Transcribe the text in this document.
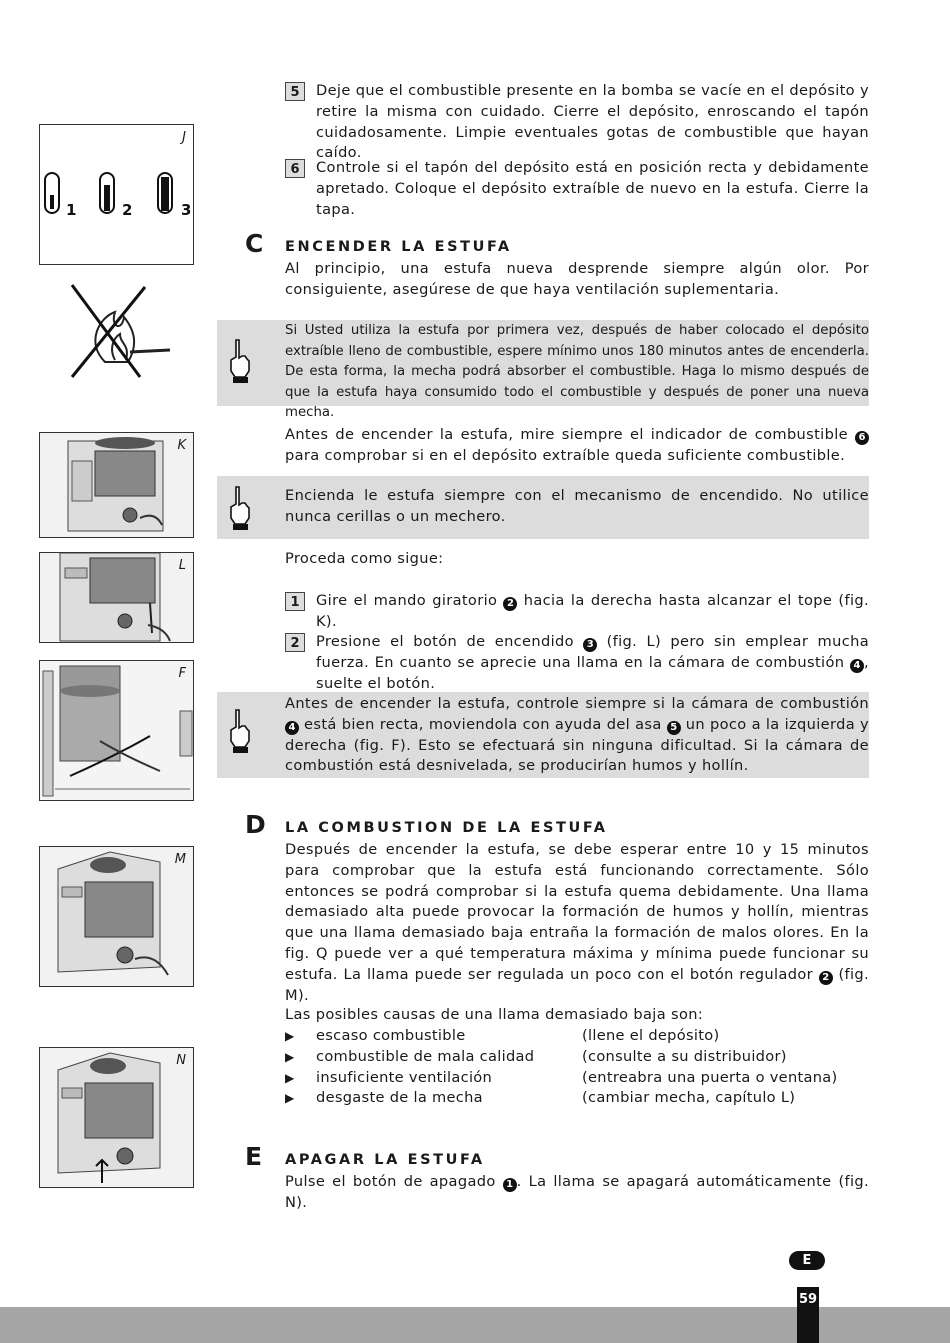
J
1	2	3
K
L
F
M
N
5	Deje que el combustible presente en la bomba se vacíe en el depósito y retire la misma con cuidado. Cierre el depósito, enroscando el tapón cuidadosamente. Limpie eventuales gotas de combustible que hayan caído.

6	Controle si el tapón del depósito está en posición recta y debidamente apretado. Coloque el depósito extraíble de nuevo en la estufa. Cierre la tapa.

C ENCENDER LA ESTUFA

Al principio, una estufa nueva desprende siempre algún olor. Por consiguiente, asegúrese de que haya ventilación suplementaria.

Si Usted utiliza la estufa por primera vez, después de haber colocado el depósito extraíble lleno de combustible, espere mínimo unos 180 minutos antes de encenderla. De esta forma, la mecha podrá absorber el combustible. Haga lo mismo después de que la estufa haya consumido todo el combustible y después de poner una nueva mecha.

Antes de encender la estufa, mire siempre el indicador de combustible 6 para comprobar si en el depósito extraíble queda suficiente combustible.

Encienda le estufa siempre con el mecanismo de encendido. No utilice nunca cerillas o un mechero.

Proceda como sigue:

1	Gire el mando giratorio 2 hacia la derecha hasta alcanzar el tope (fig. K).

2	Presione el botón de encendido 3 (fig. L) pero sin emplear mucha fuerza. En cuanto se aprecie una llama en la cámara de combustión 4 , suelte el botón.

Antes de encender la estufa, controle siempre si la cámara de combustión 4 está bien recta, moviendola con ayuda del asa 5 un poco a la izquierda y derecha (fig. F). Esto se efectuará sin ninguna dificultad. Si la cámara de combustión está desnivelada, se producirían humos y hollín.

D LA COMBUSTION DE LA ESTUFA

Después de encender la estufa, se debe esperar entre 10 y 15 minutos para comprobar que la estufa está funcionando correctamente. Sólo entonces se podrá comprobar si la estufa quema debidamente. Una llama demasiado alta puede provocar la formación de humos y hollín, mientras que una llama demasiado baja entraña la formación de malos olores. En la fig. Q puede ver a qué temperatura máxima y mínima puede funcionar su estufa. La llama puede ser regulada un poco con el botón regulador 2 (fig. M).

Las posibles causas de una llama demasiado baja son:

▶ escaso combustible	(llene el depósito)
▶ combustible de mala calidad	(consulte a su distribuidor)
▶ insuficiente ventilación	(entreabra una puerta o ventana)
▶ desgaste de la mecha	(cambiar mecha, capítulo L)
E APAGAR LA ESTUFA

Pulse el botón de apagado 1 . La llama se apagará automáticamente (fig. N).

E
59
